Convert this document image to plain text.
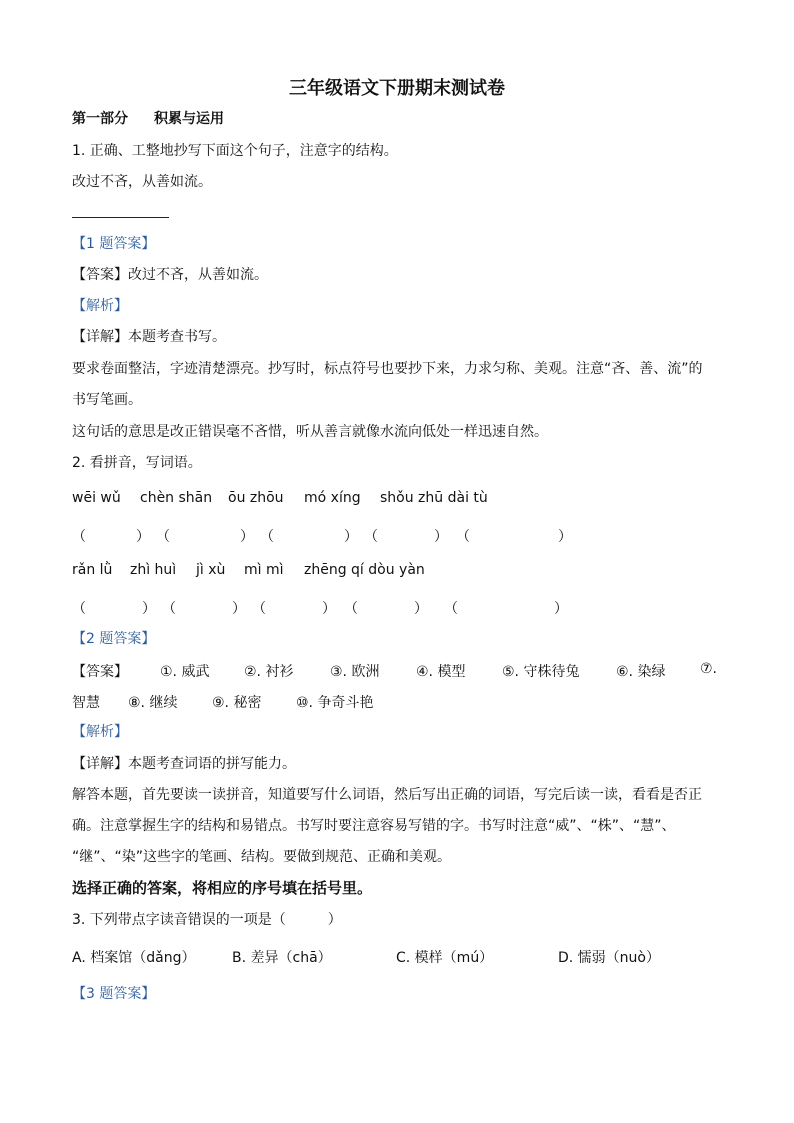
三年级语文下册期末测试卷
第一部分 积累与运用
1. 正确、工整地抄写下面这个句子，注意字的结构。
改过不吝，从善如流。
【1 题答案】
【答案】改过不吝，从善如流。
【解析】
【详解】本题考查书写。
要求卷面整洁，字迹清楚漂亮。抄写时，标点符号也要抄下来，力求匀称、美观。注意“吝、善、流”的
书写笔画。
这句话的意思是改正错误毫不吝惜，听从善言就像水流向低处一样迅速自然。
2. 看拼音，写词语。
wēi wǔ chèn shān ōu zhōu mó xíng shǒu zhū dài tù
（	） （	） （	） （	） （	）
rǎn lǜ zhì huì jì xù mì mì zhēng qí dòu yàn
（	） （	） （	） （	） （	）
【2 题答案】
【答案】 ①. 威武 ②. 衬衫	③. 欧洲	④. 模型	⑤. 守株待兔	⑥. 染绿 ⑦.
智慧 ⑧. 继续 ⑨. 秘密 ⑩. 争奇斗艳
【解析】
【详解】本题考查词语的拼写能力。
解答本题，首先要读一读拼音，知道要写什么词语，然后写出正确的词语，写完后读一读，看看是否正
确。注意掌握生字的结构和易错点。书写时要注意容易写错的字。书写时注意“威”、“株”、“慧”、
“继”、“染”这些字的笔画、结构。要做到规范、正确和美观。
选择正确的答案，将相应的序号填在括号里。
3. 下列带点字读音错误的一项是（　　　）
A. 档案馆（dǎng）	B. 差异（chā）	C. 模样（mú）	D. 懦弱（nuò）
【3 题答案】
